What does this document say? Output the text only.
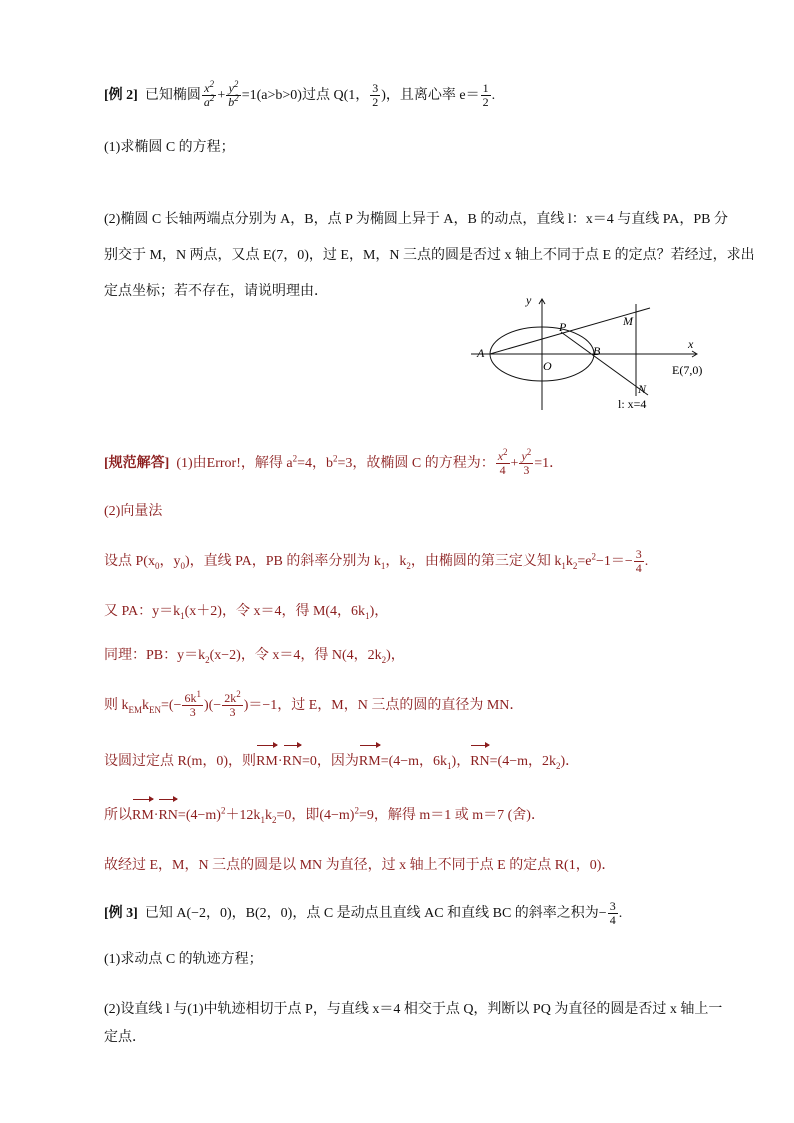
[例 2] 已知椭圆 $\frac{x^2}{a^2} + \frac{y^2}{b^2} =1(a>b>0)$过点 Q(1， $\frac{3}{2}$ )，且离心率 $e= \frac{1}{2}$ .
(1)求椭圆 C 的方程；
(2)椭圆 C 长轴两端点分别为 A，B，点 P 为椭圆上异于 A，B 的动点，直线 l：x＝4 与直线 PA，PB 分
别交于 M，N 两点，又点 E(7，0)，过 E，M，N 三点的圆是否过 x 轴上不同于点 E 的定点？若经过，求出
定点坐标；若不存在，请说明理由．
y
x
A	B
P
O
M
N
E(7,0)
l: x=4
[规范解答] (1)由Error!，解得 $a^2=4$，$b^2=3$，故椭圆 C 的方程为： $\frac{x^2}{4} + \frac{y^2}{3} =1$．
(2)向量法
设点 $P(x_0$，$y_0$)，直线 PA，PB 的斜率分别为 $k_1$，$k_2$，由椭圆的第三定义知 $k_1k_2=e^2-1=- \frac{3}{4}$ .
又 PA：$y=k_1(x+2)$，令 x＝4，得 M(4，$6k_1$)，
同理：PB：$y=k_2(x-2)$，令 x＝4，得 N(4，$2k_2$)，
则 $k_{EM}k_{EN}=(- \frac{6k^1}{3}$ )(− $\frac{2k^2}{3} )=-1$，过 E，M，N 三点的圆的直径为 MN．
设圆过定点 R(m，0)，则RM·RN=0，因为RM=(4−m，$6k_1$)，RN=(4−m，$2k_2$)．
所以$RM\cdot RN=(4-m)^2+12k_1k_2=0$，即$(4-m)^2=9$，解得 m＝1 或 m＝7 (舍)．
故经过 E，M，N 三点的圆是以 MN 为直径，过 x 轴上不同于点 E 的定点 R(1，0)．
[例 3] 已知 A(−2，0)，B(2，0)，点 C 是动点且直线 AC 和直线 BC 的斜率之积为− $\frac{3}{4}$ .
(1)求动点 C 的轨迹方程；
(2)设直线 l 与(1)中轨迹相切于点 P，与直线 x＝4 相交于点 Q，判断以 PQ 为直径的圆是否过 x 轴上一
定点．
